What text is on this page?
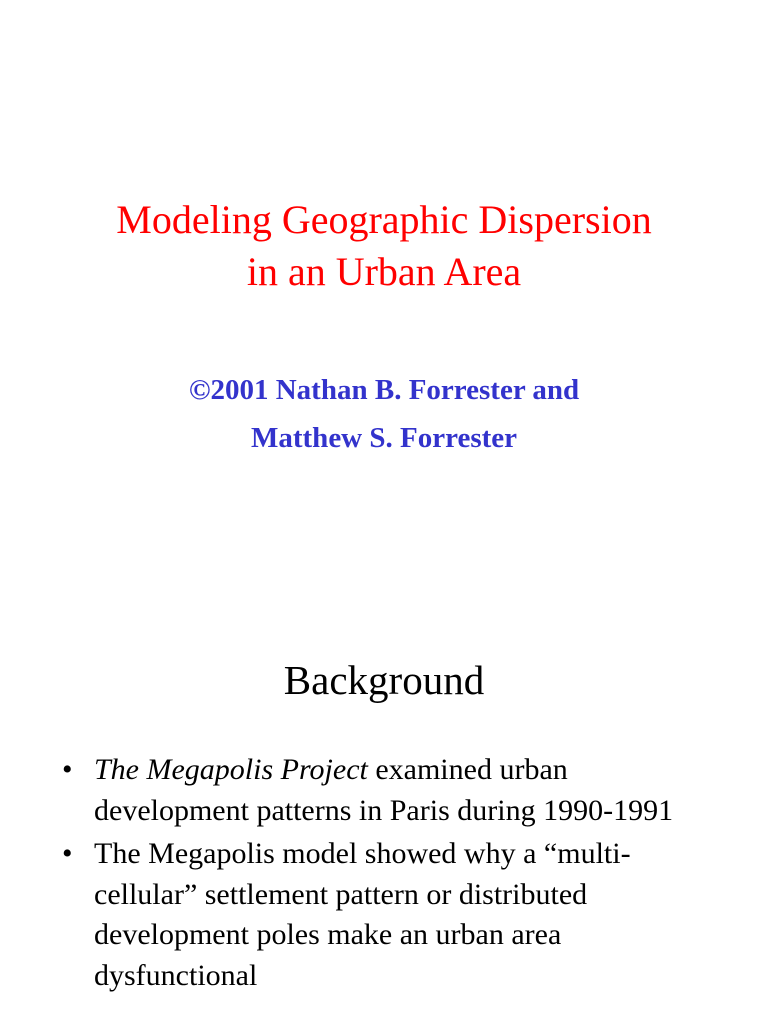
Modeling Geographic Dispersion
in an Urban Area
©2001 Nathan B. Forrester and
Matthew S. Forrester
Background
• The Megapolis Project examined urban development patterns in Paris during 1990-1991
• The Megapolis model showed why a “multi-cellular” settlement pattern or distributed development poles make an urban area dysfunctional
